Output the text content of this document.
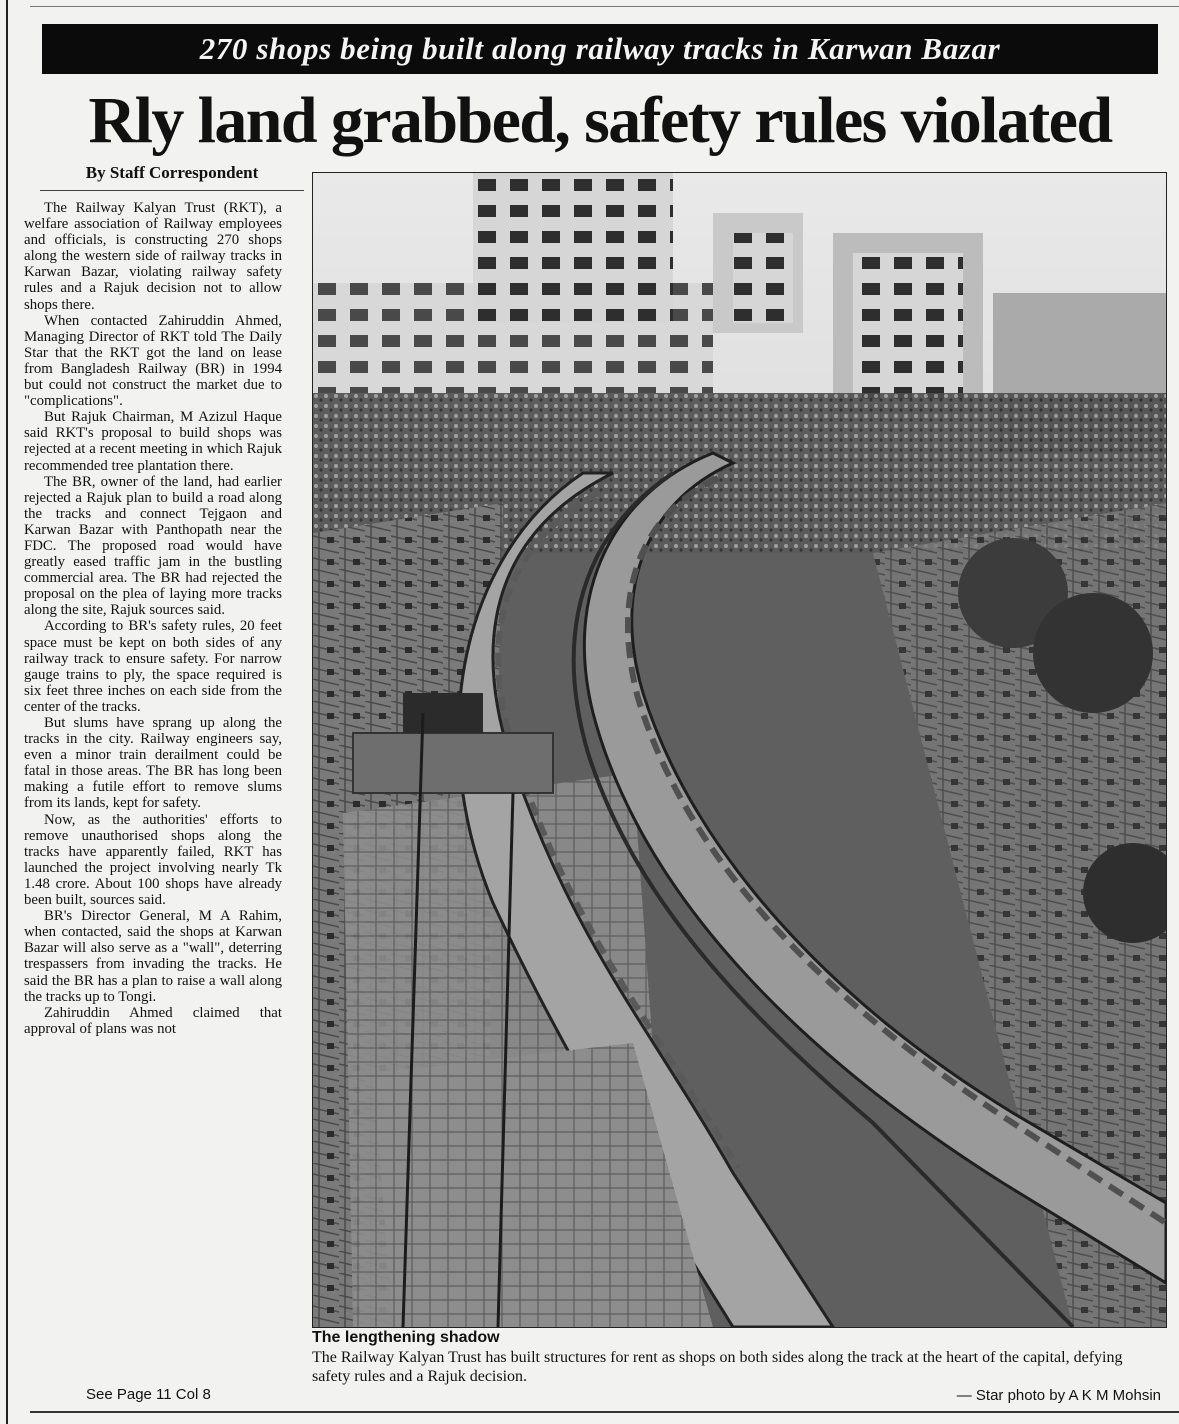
270 shops being built along railway tracks in Karwan Bazar
Rly land grabbed, safety rules violated
By Staff Correspondent

The Railway Kalyan Trust (RKT), a welfare association of Railway employees and officials, is constructing 270 shops along the western side of railway tracks in Karwan Bazar, violating railway safety rules and a Rajuk decision not to allow shops there.

When contacted Zahiruddin Ahmed, Managing Director of RKT told The Daily Star that the RKT got the land on lease from Bangladesh Railway (BR) in 1994 but could not construct the market due to "complications".

But Rajuk Chairman, M Azizul Haque said RKT's proposal to build shops was rejected at a recent meeting in which Rajuk recommended tree plantation there.

The BR, owner of the land, had earlier rejected a Rajuk plan to build a road along the tracks and connect Tejgaon and Karwan Bazar with Panthopath near the FDC. The proposed road would have greatly eased traffic jam in the bustling commercial area. The BR had rejected the proposal on the plea of laying more tracks along the site, Rajuk sources said.

According to BR's safety rules, 20 feet space must be kept on both sides of any railway track to ensure safety. For narrow gauge trains to ply, the space required is six feet three inches on each side from the center of the tracks.

But slums have sprang up along the tracks in the city. Railway engineers say, even a minor train derailment could be fatal in those areas. The BR has long been making a futile effort to remove slums from its lands, kept for safety.

Now, as the authorities' efforts to remove unauthorised shops along the tracks have apparently failed, RKT has launched the project involving nearly Tk 1.48 crore. About 100 shops have already been built, sources said.

BR's Director General, M A Rahim, when contacted, said the shops at Karwan Bazar will also serve as a "wall", deterring trespassers from invading the tracks. He said the BR has a plan to raise a wall along the tracks up to Tongi.

Zahiruddin Ahmed claimed that approval of plans was not

See Page 11 Col 8
The lengthening shadow
The Railway Kalyan Trust has built structures for rent as shops on both sides along the track at the heart of the capital, defying safety rules and a Rajuk decision.
— Star photo by A K M Mohsin
